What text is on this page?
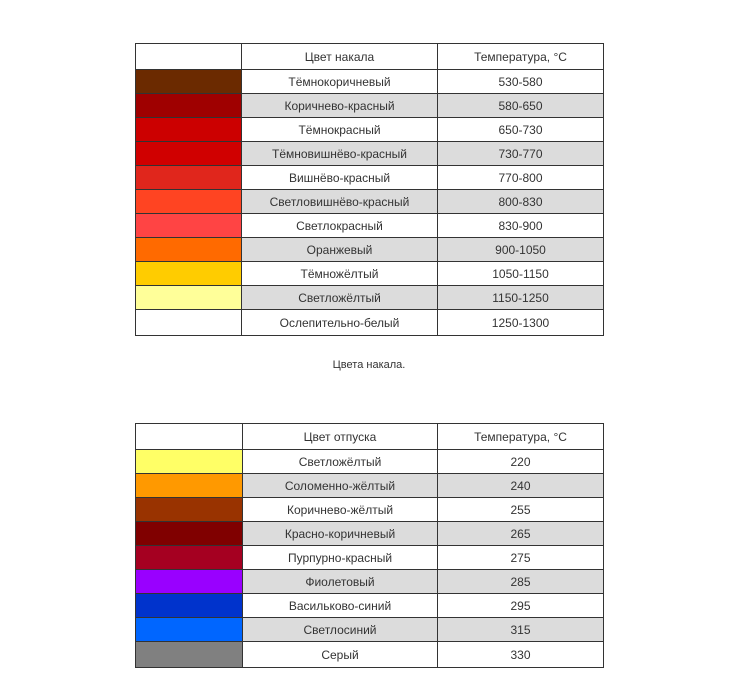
	Цвет накала	Температура, °С
	Тёмнокоричневый	530-580
	Коричнево-красный	580-650
	Тёмнокрасный	650-730
	Тёмновишнёво-красный	730-770
	Вишнёво-красный	770-800
	Светловишнёво-красный	800-830
	Светлокрасный	830-900
	Оранжевый	900-1050
	Тёмножёлтый	1050-1150
	Светложёлтый	1150-1250
	Ослепительно-белый	1250-1300
Цвета накала.
	Цвет отпуска	Температура, °С
	Светложёлтый	220
	Соломенно-жёлтый	240
	Коричнево-жёлтый	255
	Красно-коричневый	265
	Пурпурно-красный	275
	Фиолетовый	285
	Васильково-синий	295
	Светлосиний	315
	Серый	330
